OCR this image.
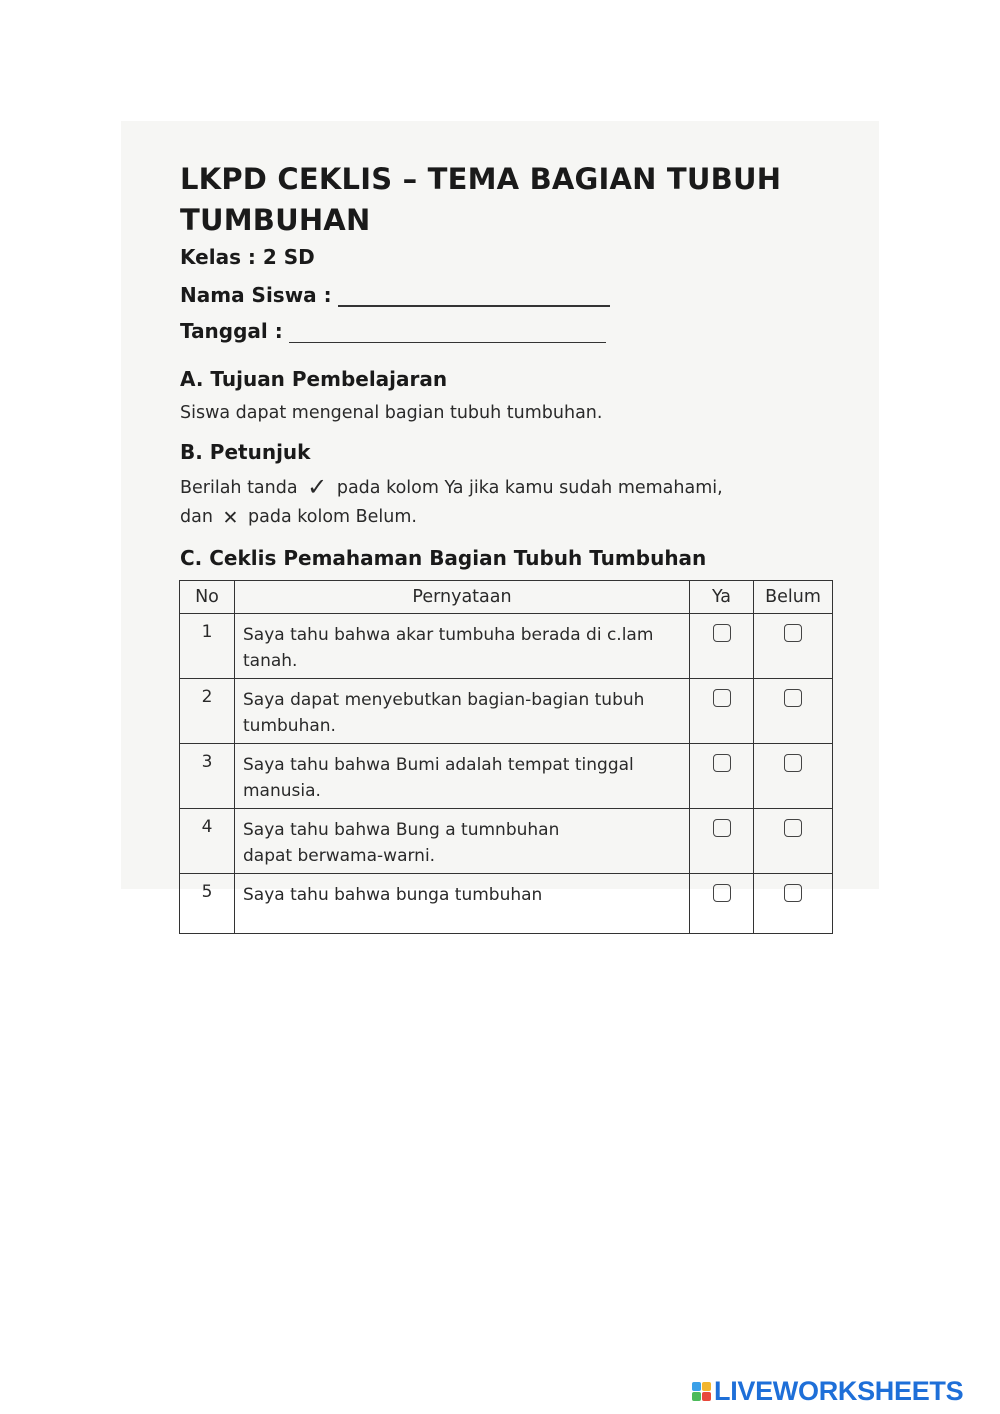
LKPD CEKLIS – TEMA BAGIAN TUBUH TUMBUHAN
Kelas : 2 SD
Nama Siswa :
Tanggal :
A. Tujuan Pembelajaran

Siswa dapat mengenal bagian tubuh tumbuhan.

B. Petunjuk

Berilah tanda ✓ pada kolom Ya jika kamu sudah memahami,
dan ✕ pada kolom Belum.

C. Ceklis Pemahaman Bagian Tubuh Tumbuhan
No	Pernyataan	Ya	Belum
1	Saya tahu bahwa akar tumbuha berada di c.lam
tanah.		
2	Saya dapat menyebutkan bagian-bagian tubuh
tumbuhan.		
3	Saya tahu bahwa Bumi adalah tempat tinggal
manusia.		
4	Saya tahu bahwa Bung a tumnbuhan
dapat berwama-warni.		
5	Saya tahu bahwa bunga tumbuhan

LIVEWORKSHEETS
